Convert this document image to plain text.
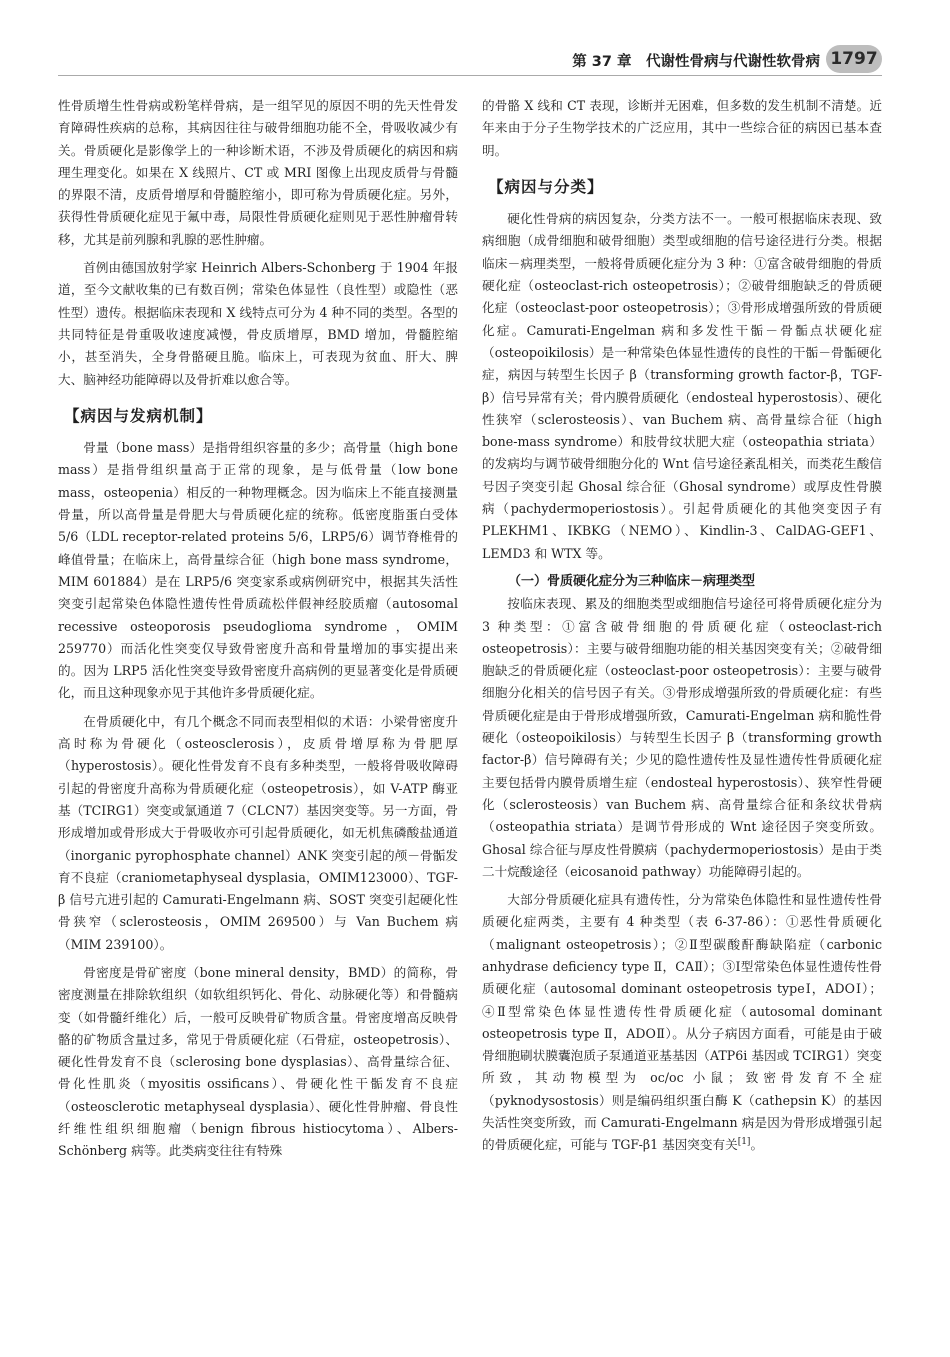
第 37 章　代谢性骨病与代谢性软骨病 1797

性骨质增生性骨病或粉笔样骨病，是一组罕见的原因不明的先天性骨发育障碍性疾病的总称，其病因往往与破骨细胞功能不全，骨吸收减少有关。骨质硬化是影像学上的一种诊断术语，不涉及骨质硬化的病因和病理生理变化。如果在 X 线照片、CT 或 MRI 图像上出现皮质骨与骨髓的界限不清，皮质骨增厚和骨髓腔缩小，即可称为骨质硬化症。另外，获得性骨质硬化症见于氟中毒，局限性骨质硬化症则见于恶性肿瘤骨转移，尤其是前列腺和乳腺的恶性肿瘤。

首例由德国放射学家 Heinrich Albers-Schonberg 于 1904 年报道，至今文献收集的已有数百例；常染色体显性（良性型）或隐性（恶性型）遗传。根据临床表现和 X 线特点可分为 4 种不同的类型。各型的共同特征是骨重吸收速度减慢，骨皮质增厚，BMD 增加，骨髓腔缩小，甚至消失，全身骨骼硬且脆。临床上，可表现为贫血、肝大、脾大、脑神经功能障碍以及骨折难以愈合等。

【病因与发病机制】

骨量（bone mass）是指骨组织容量的多少；高骨量（high bone mass）是指骨组织量高于正常的现象，是与低骨量（low bone mass，osteopenia）相反的一种物理概念。因为临床上不能直接测量骨量，所以高骨量是骨肥大与骨质硬化症的统称。低密度脂蛋白受体 5/6（LDL receptor-related proteins 5/6，LRP5/6）调节脊椎骨的峰值骨量；在临床上，高骨量综合征（high bone mass syndrome，MIM 601884）是在 LRP5/6 突变家系或病例研究中，根据其失活性突变引起常染色体隐性遗传性骨质疏松伴假神经胶质瘤（autosomal recessive osteoporosis pseudoglioma syndrome，OMIM 259770）而活化性突变仅导致骨密度升高和骨量增加的事实提出来的。因为 LRP5 活化性突变导致骨密度升高病例的更显著变化是骨质硬化，而且这种现象亦见于其他许多骨质硬化症。

在骨质硬化中，有几个概念不同而表型相似的术语：小梁骨密度升高时称为骨硬化（osteosclerosis），皮质骨增厚称为骨肥厚（hyperostosis）。硬化性骨发育不良有多种类型，一般将骨吸收障碍引起的骨密度升高称为骨质硬化症（osteopetrosis），如 V-ATP 酶亚基（TCIRG1）突变或氯通道 7（CLCN7）基因突变等。另一方面，骨形成增加或骨形成大于骨吸收亦可引起骨质硬化，如无机焦磷酸盐通道（inorganic pyrophosphate channel）ANK 突变引起的颅－骨骺发育不良症（craniometaphyseal dysplasia，OMIM123000）、TGF-β 信号亢进引起的 Camurati-Engelmann 病、SOST 突变引起硬化性骨狭窄（sclerosteosis，OMIM 269500）与 Van Buchem 病（MIM 239100）。

骨密度是骨矿密度（bone mineral density，BMD）的简称，骨密度测量在排除软组织（如软组织钙化、骨化、动脉硬化等）和骨髓病变（如骨髓纤维化）后，一般可反映骨矿物质含量。骨密度增高反映骨骼的矿物质含量过多，常见于骨质硬化症（石骨症，osteopetrosis）、硬化性骨发育不良（sclerosing bone dysplasias）、高骨量综合征、骨化性肌炎（myositis ossificans）、骨硬化性干骺发育不良症（osteosclerotic metaphyseal dysplasia）、硬化性骨肿瘤、骨良性纤维性组织细胞瘤（benign fibrous histiocytoma）、Albers-Schönberg 病等。此类病变往往有特殊

的骨骼 X 线和 CT 表现，诊断并无困难，但多数的发生机制不清楚。近年来由于分子生物学技术的广泛应用，其中一些综合征的病因已基本查明。

【病因与分类】

硬化性骨病的病因复杂，分类方法不一。一般可根据临床表现、致病细胞（成骨细胞和破骨细胞）类型或细胞的信号途径进行分类。根据临床－病理类型，一般将骨质硬化症分为 3 种：①富含破骨细胞的骨质硬化症（osteoclast-rich osteopetrosis）；②破骨细胞缺乏的骨质硬化症（osteoclast-poor osteopetrosis）；③骨形成增强所致的骨质硬化症。Camurati-Engelman 病和多发性干骺－骨骺点状硬化症（osteopoikilosis）是一种常染色体显性遗传的良性的干骺－骨骺硬化症，病因与转型生长因子 β（transforming growth factor-β，TGF-β）信号异常有关；骨内膜骨质硬化（endosteal hyperostosis）、硬化性狭窄（sclerosteosis）、van Buchem 病、高骨量综合征（high bone-mass syndrome）和肢骨纹状肥大症（osteopathia striata）的发病均与调节破骨细胞分化的 Wnt 信号途径紊乱相关，而类花生酸信号因子突变引起 Ghosal 综合征（Ghosal syndrome）或厚皮性骨膜病（pachydermoperiostosis）。引起骨质硬化的其他突变因子有 PLEKHM1、IKBKG（NEMO）、Kindlin-3、CalDAG-GEF1、LEMD3 和 WTX 等。

（一）骨质硬化症分为三种临床－病理类型

按临床表现、累及的细胞类型或细胞信号途径可将骨质硬化症分为 3 种类型：①富含破骨细胞的骨质硬化症（osteoclast-rich osteopetrosis）：主要与破骨细胞功能的相关基因突变有关；②破骨细胞缺乏的骨质硬化症（osteoclast-poor osteopetrosis）：主要与破骨细胞分化相关的信号因子有关。③骨形成增强所致的骨质硬化症：有些骨质硬化症是由于骨形成增强所致，Camurati-Engelman 病和脆性骨硬化（osteopoikilosis）与转型生长因子 β（transforming growth factor-β）信号障碍有关；少见的隐性遗传性及显性遗传性骨质硬化症主要包括骨内膜骨质增生症（endosteal hyperostosis）、狭窄性骨硬化（sclerosteosis）van Buchem 病、高骨量综合征和条纹状骨病（osteopathia striata）是调节骨形成的 Wnt 途径因子突变所致。Ghosal 综合征与厚皮性骨膜病（pachydermoperiostosis）是由于类二十烷酸途径（eicosanoid pathway）功能障碍引起的。

大部分骨质硬化症具有遗传性，分为常染色体隐性和显性遗传性骨质硬化症两类，主要有 4 种类型（表 6-37-86）：①恶性骨质硬化（malignant osteopetrosis）；②Ⅱ型碳酸酐酶缺陷症（carbonic anhydrase deficiency type Ⅱ，CAⅡ）；③Ⅰ型常染色体显性遗传性骨质硬化症（autosomal dominant osteopetrosis typeⅠ，ADOⅠ）；④Ⅱ型常染色体显性遗传性骨质硬化症（autosomal dominant osteopetrosis type Ⅱ，ADOⅡ）。从分子病因方面看，可能是由于破骨细胞刷状膜囊泡质子泵通道亚基基因（ATP6i 基因或 TCIRG1）突变所致，其动物模型为 oc/oc 小鼠；致密骨发育不全症（pyknodysostosis）则是编码组织蛋白酶 K（cathepsin K）的基因失活性突变所致，而 Camurati-Engelmann 病是因为骨形成增强引起的骨质硬化症，可能与 TGF-β1 基因突变有关[1]。
